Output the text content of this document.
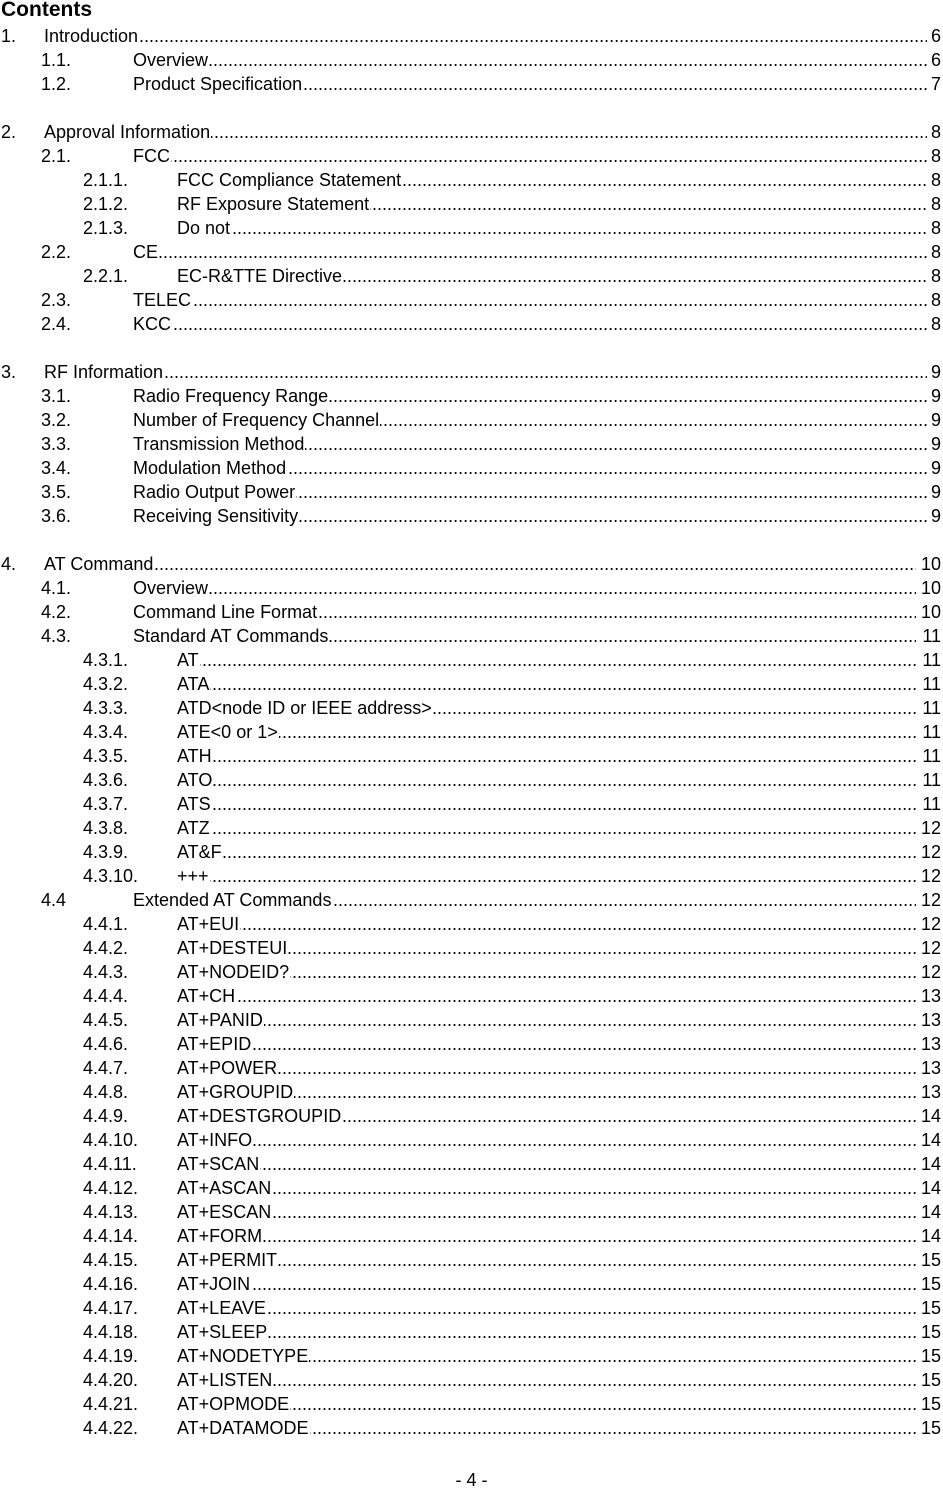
Contents
1. Introduction .....	6
1.1.	Overview .....	6
1.2.	Product Specification .....	7
2. Approval Information .....	8
2.1.	FCC .....	8
2.1.1.	FCC Compliance Statement .....	8
2.1.2.	RF Exposure Statement .....	8
2.1.3.	Do not .....	8
2.2.	CE .....	8
2.2.1.	EC-R&TTE Directive .....	8
2.3.	TELEC .....	8
2.4.	KCC .....	8
3. RF Information .....	9
3.1.	Radio Frequency Range .....	9
3.2.	Number of Frequency Channel .....	9
3.3.	Transmission Method .....	9
3.4.	Modulation Method .....	9
3.5.	Radio Output Power .....	9
3.6.	Receiving Sensitivity .....	9
4. AT Command .....	10
4.1.	Overview .....	10
4.2.	Command Line Format .....	10
4.3.	Standard AT Commands .....	11
4.3.1.	AT .....	11
4.3.2.	ATA .....	11
4.3.3.	ATD<node ID or IEEE address> .....	11
4.3.4.	ATE<0 or 1> .....	11
4.3.5.	ATH .....	11
4.3.6.	ATO .....	11
4.3.7.	ATS .....	11
4.3.8.	ATZ .....	12
4.3.9.	AT&F .....	12
4.3.10. +++ .....	12
4.4	Extended AT Commands .....	12
4.4.1.	AT+EUI .....	12
4.4.2.	AT+DESTEUI .....	12
4.4.3.	AT+NODEID? .....	12
4.4.4.	AT+CH .....	13
4.4.5.	AT+PANID .....	13
4.4.6.	AT+EPID .....	13
4.4.7.	AT+POWER .....	13
4.4.8.	AT+GROUPID .....	13
4.4.9.	AT+DESTGROUPID .....	14
4.4.10. AT+INFO .....	14
4.4.11. AT+SCAN .....	14
4.4.12. AT+ASCAN .....	14
4.4.13. AT+ESCAN .....	14
4.4.14. AT+FORM .....	14
4.4.15. AT+PERMIT .....	15
4.4.16. AT+JOIN .....	15
4.4.17. AT+LEAVE .....	15
4.4.18. AT+SLEEP .....	15
4.4.19. AT+NODETYPE .....	15
4.4.20. AT+LISTEN .....	15
4.4.21. AT+OPMODE .....	15
4.4.22. AT+DATAMODE .....	15
- 4 -
